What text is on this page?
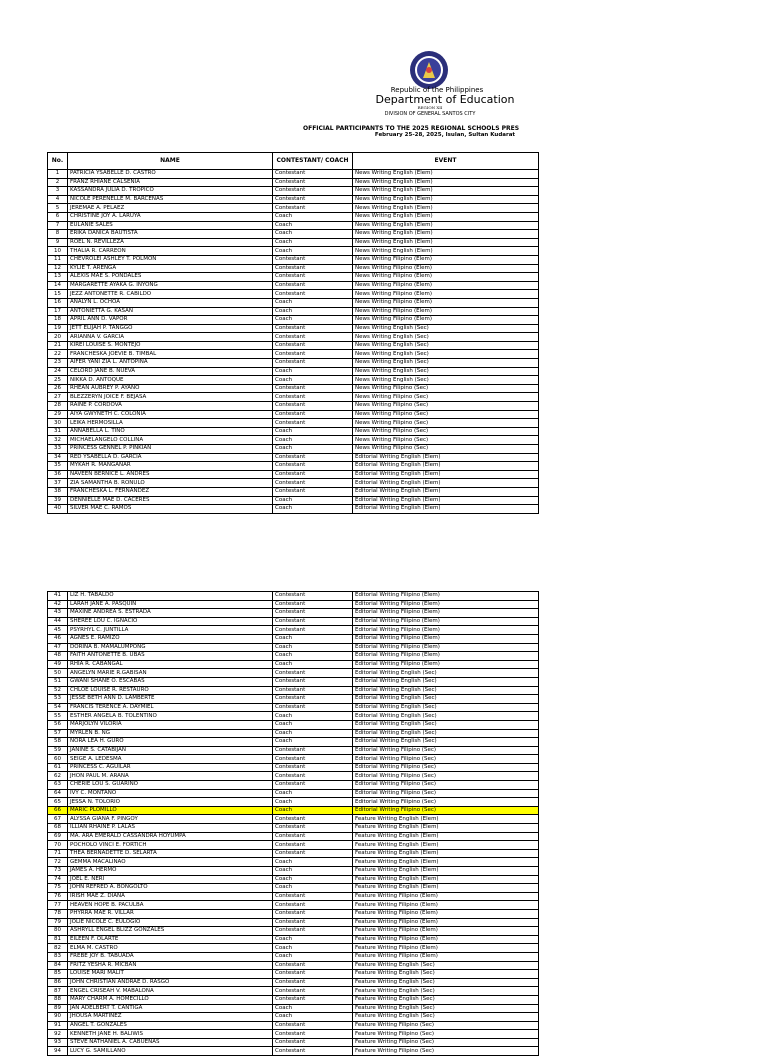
Republic of the Philippines
Department of Education
REGION XII
DIVISION OF GENERAL SANTOS CITY
OFFICIAL PARTICIPANTS TO THE 2025 REGIONAL SCHOOLS PRES
February 25-28, 2025, Isulan, Sultan Kudarat
No.	NAME	CONTESTANT/ COACH	EVENT
1	PATRICIA YSABELLE D. CASTRO	Contestant	News Writing English (Elem)
2	FRANZ RHIANE CALSENIA	Contestant	News Writing English (Elem)
3	KASSANDRA JULIA D. TROPICO	Contestant	News Writing English (Elem)
4	NICOLE PERENELLE M. BARCENAS	Contestant	News Writing English (Elem)
5	JEREMAE A. PELAEZ	Contestant	News Writing English (Elem)
6	CHRISTINE JOY A. LARUYA	Coach	News Writing English (Elem)
7	EULANIE SALES	Coach	News Writing English (Elem)
8	ERIKA DANICA BAUTISTA	Coach	News Writing English (Elem)
9	ROEL N. REVILLEZA	Coach	News Writing English (Elem)
10	THALIA R. CARREON	Coach	News Writing English (Elem)
11	CHEVROLEI ASHLEY T. POLMON	Contestant	News Writing Filipino (Elem)
12	KYLIE T. ARENGA	Contestant	News Writing Filipino (Elem)
13	ALEXIS MAE S. PONDALES	Contestant	News Writing Filipino (Elem)
14	MARGARETTE AYAKA G. INYONG	Contestant	News Writing Filipino (Elem)
15	JEZZ ANTONETTE R. CABILDO	Contestant	News Writing Filipino (Elem)
16	ANALYN L. OCHOA	Coach	News Writing Filipino (Elem)
17	ANTONIETTA G. KASAN	Coach	News Writing Filipino (Elem)
18	APRIL ANN D. VAPOR	Coach	News Writing Filipino (Elem)
19	JETT ELIJAH P. TANGGO	Contestant	News Writing English (Sec)
20	ARIANNA V. GARCIA	Contestant	News Writing English (Sec)
21	KIREI LOUISE S. MONTEJO	Contestant	News Writing English (Sec)
22	FRANCHESKA JOEVIE B. TIMBAL	Contestant	News Writing English (Sec)
23	AIFER YANI ZIA L. ANTOPINA	Contestant	News Writing English (Sec)
24	CELORD JANE B. NUEVA	Coach	News Writing English (Sec)
25	NIKKA D. ANTOQUE	Coach	News Writing English (Sec)
26	RHEAN AUBREY P. AYANO	Contestant	News Writing Filipino (Sec)
27	BLEZZERYN JOICE F. BEJASA	Contestant	News Writing Filipino (Sec)
28	RAINE P. CORDOVA	Contestant	News Writing Filipino (Sec)
29	AIYA GWYNETH C. COLONIA	Contestant	News Writing Filipino (Sec)
30	LEIKA HERMOSILLA	Contestant	News Writing Filipino (Sec)
31	ANNABELLA L. TINO	Coach	News Writing Filipino (Sec)
32	MICHAELANGELO COLLINA	Coach	News Writing Filipino (Sec)
33	PRINCESS GENNEL P. PINKIAN	Coach	News Writing Filipino (Sec)
34	RED YSABELLA D. GARCIA	Contestant	Editorial Writing English (Elem)
35	MYKAH R. MANGANAR	Contestant	Editorial Writing English (Elem)
36	NAVEEN BERNICE L. ANDRES	Contestant	Editorial Writing English (Elem)
37	ZIA SAMANTHA B. RONULO	Contestant	Editorial Writing English (Elem)
38	FRANCHESKA L. FERNANDEZ	Contestant	Editorial Writing English (Elem)
39	DENNIELLE MAE D. CACERES	Coach	Editorial Writing English (Elem)
40	SILVER MAE C. RAMOS	Coach	Editorial Writing English (Elem)
41	LIZ H. TABALDO	Contestant	Editorial Writing Filipino (Elem)
42	LARAH JANE A. PASQUIN	Contestant	Editorial Writing Filipino (Elem)
43	MAXINE ANDREA S. ESTRADA	Contestant	Editorial Writing Filipino (Elem)
44	SHEREE LOU C. IGNACIO	Contestant	Editorial Writing Filipino (Elem)
45	PSYRHYL C. JUNTILLA	Contestant	Editorial Writing Filipino (Elem)
46	AGNES E. RAMIZO	Coach	Editorial Writing Filipino (Elem)
47	DORINA B. MAMALUMPONG	Coach	Editorial Writing Filipino (Elem)
48	FAITH ANTONETTE B. UBAS	Coach	Editorial Writing Filipino (Elem)
49	RHIA R. CABANGAL	Coach	Editorial Writing Filipino (Elem)
50	ANGELYN MARIE R.GABISAN	Contestant	Editorial Writing English (Sec)
51	GWANI SHANE O. ESCABAS	Contestant	Editorial Writing English (Sec)
52	CHLOE LOUISE R. RESTAURO	Contestant	Editorial Writing English (Sec)
53	JESSE BETH ANN D. LAMBERTE	Contestant	Editorial Writing English (Sec)
54	FRANCIS TERENCE A. DAYMIEL	Contestant	Editorial Writing English (Sec)
55	ESTHER ANGELA B. TOLENTINO	Coach	Editorial Writing English (Sec)
56	MARJOLYN VILORIA	Coach	Editorial Writing English (Sec)
57	MYRLEN B. NG	Coach	Editorial Writing English (Sec)
58	NORA LEA H. GURO	Coach	Editorial Writing English (Sec)
59	JANINE S. CATABIJAN	Contestant	Editorial Writing Filipino (Sec)
60	SEIGE A. LEDESMA	Contestant	Editorial Writing Filipino (Sec)
61	PRINCESS C. AGUILAR	Contestant	Editorial Writing Filipino (Sec)
62	JHON PAUL M. ARANA	Contestant	Editorial Writing Filipino (Sec)
63	CHERIE LOU S. GUARINO	Contestant	Editorial Writing Filipino (Sec)
64	IVY C. MONTANO	Coach	Editorial Writing Filipino (Sec)
65	JESSA N. TOLORIO	Coach	Editorial Writing Filipino (Sec)
66	MARIC PLOMILLO	Coach	Editorial Writing Filipino (Sec)
67	ALYSSA GIANA F. PINGOY	Contestant	Feature Writing English (Elem)
68	ILLIAN RHAINE P. LALAS	Contestant	Feature Writing English (Elem)
69	MA. ARA EMERALD CASSANDRA HOYUMPA	Contestant	Feature Writing English (Elem)
70	POCHOLO VINCI E. FORTICH	Contestant	Feature Writing English (Elem)
71	THEA BERNADETTE D. SELARTA	Contestant	Feature Writing English (Elem)
72	GEMMA MACALINAO	Coach	Feature Writing English (Elem)
73	JAMES A. HERMO	Coach	Feature Writing English (Elem)
74	JOEL E. NERI	Coach	Feature Writing English (Elem)
75	JOHN REFRED A. BONGOLTO	Coach	Feature Writing English (Elem)
76	IRISH MAE Z. DIANA	Contestant	Feature Writing Filipino (Elem)
77	HEAVEN HOPE B. PACULBA	Contestant	Feature Writing Filipino (Elem)
78	PHYRRA MAE R. VILLAR	Contestant	Feature Writing Filipino (Elem)
79	JOLIE NICOLE C. EULOGIO	Contestant	Feature Writing Filipino (Elem)
80	ASHRYLL ENGEL BLIZZ GONZALES	Contestant	Feature Writing Filipino (Elem)
81	EILEEN F. OLARTE	Coach	Feature Writing Filipino (Elem)
82	ELMA M. CASTRO	Coach	Feature Writing Filipino (Elem)
83	FREBE JOY B. TABUADA	Coach	Feature Writing Filipino (Elem)
84	FRITZ YESHA R. MICBAN	Contestant	Feature Writing English (Sec)
85	LOUISE MARI MALIT	Contestant	Feature Writing English (Sec)
86	JOHN CHRISTIAN ANDRAE D. RASGO	Contestant	Feature Writing English (Sec)
87	ENGEL CRISEAH V. MABALONA	Contestant	Feature Writing English (Sec)
88	MARY CHARM A. HOMECILLO	Contestant	Feature Writing English (Sec)
89	JAN ADELBERT T. CANTIGA	Coach	Feature Writing English (Sec)
90	JHOUSA MARTINEZ	Coach	Feature Writing English (Sec)
91	ANGEL T. GONZALES	Contestant	Feature Writing Filipino (Sec)
92	KENNETH JANE H. BALIWIS	Contestant	Feature Writing Filipino (Sec)
93	STEVE NATHANIEL A. CABUENAS	Contestant	Feature Writing Filipino (Sec)
94	LUCY G. SAMILLANO	Contestant	Feature Writing Filipino (Sec)
